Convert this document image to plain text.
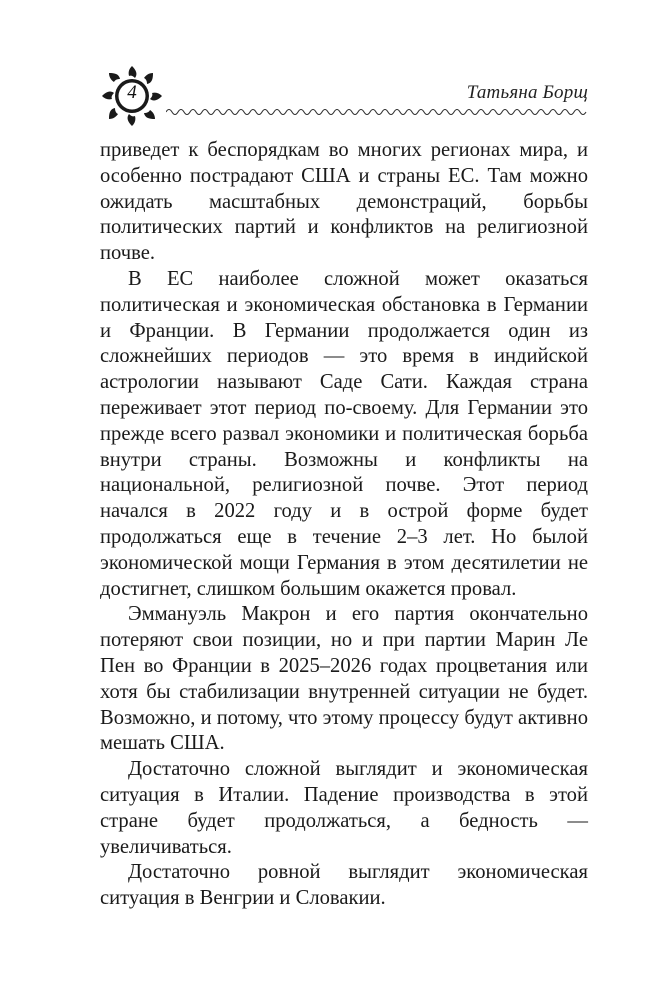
4	Татьяна Борщ

приведет к беспорядкам во многих регионах мира, и особенно пострадают США и страны ЕС. Там можно ожидать масштабных демонстраций, борьбы политических партий и конфликтов на религиозной почве.

В ЕС наиболее сложной может оказаться политическая и экономическая обстановка в Германии и Франции. В Германии продолжается один из сложнейших периодов — это время в индийской астрологии называют Саде Сати. Каждая страна переживает этот период по-своему. Для Германии это прежде всего развал экономики и политическая борьба внутри страны. Возможны и конфликты на национальной, религиозной почве. Этот период начался в 2022 году и в острой форме будет продолжаться еще в течение 2–3 лет. Но былой экономической мощи Германия в этом десятилетии не достигнет, слишком большим окажется провал.

Эммануэль Макрон и его партия окончательно потеряют свои позиции, но и при партии Марин Ле Пен во Франции в 2025–2026 годах процветания или хотя бы стабилизации внутренней ситуации не будет. Возможно, и потому, что этому процессу будут активно мешать США.

Достаточно сложной выглядит и экономическая ситуация в Италии. Падение производства в этой стране будет продолжаться, а бедность — увеличиваться.

Достаточно ровной выглядит экономическая ситуация в Венгрии и Словакии.
